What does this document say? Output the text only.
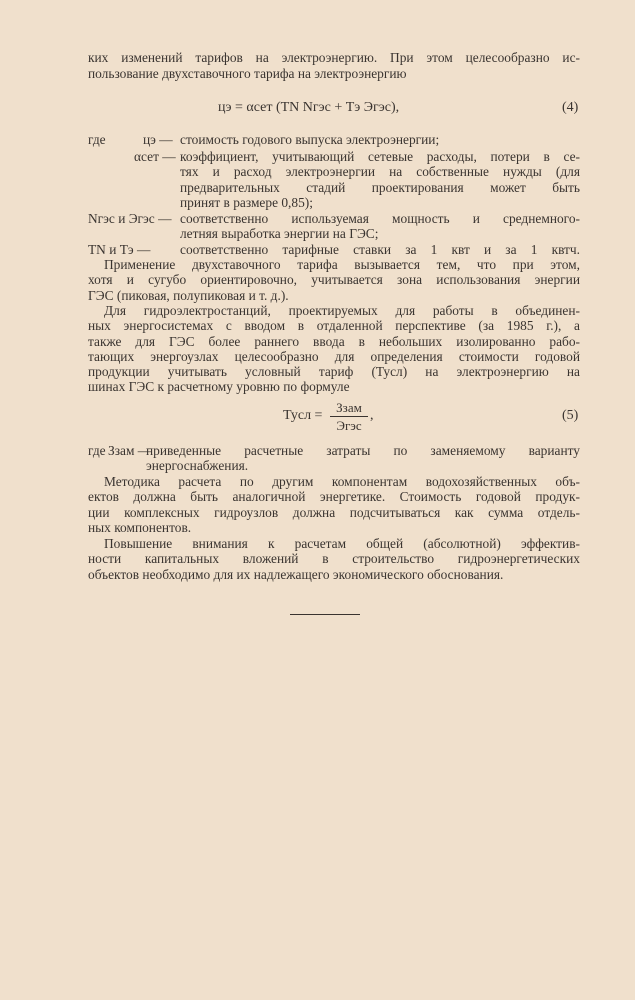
ких изменений тарифов на электроэнергию. При этом целесообразно ис-
пользование двухставочного тарифа на электроэнергию
цэ = αсет (ТN Nгэс + Тэ Эгэс),	(4)
где	цэ — стоимость годового выпуска электроэнергии;
αсет — коэффициент, учитывающий сетевые расходы, потери в се-
тях и расход электроэнергии на собственные нужды (для
предварительных стадий проектирования может быть
принят в размере 0,85);
Nгэс и Эгэс — соответственно используемая мощность и среднемного-
летняя выработка энергии на ГЭС;
ТN и Тэ — соответственно тарифные ставки за 1 квт и за 1 квтч.
Применение двухставочного тарифа вызывается тем, что при этом,
хотя и сугубо ориентировочно, учитывается зона использования энергии
ГЭС (пиковая, полупиковая и т. д.).
Для гидроэлектростанций, проектируемых для работы в объединен-
ных энергосистемах с вводом в отдаленной перспективе (за 1985 г.), а
также для ГЭС более раннего ввода в небольших изолированно рабо-
тающих энергоузлах целесообразно для определения стоимости годовой
продукции учитывать условный тариф (Тусл) на электроэнергию на
шинах ГЭС к расчетному уровню по формуле
Тусл =
Ззам
Эгэс
,	(5)
где Ззам —
приведенные расчетные затраты по заменяемому варианту
энергоснабжения.
Методика расчета по другим компонентам водохозяйственных объ-
ектов должна быть аналогичной энергетике. Стоимость годовой продук-
ции комплексных гидроузлов должна подсчитываться как сумма отдель-
ных компонентов.
Повышение внимания к расчетам общей (абсолютной) эффектив-
ности капитальных вложений в строительство гидроэнергетических
объектов необходимо для их надлежащего экономического обоснования.
